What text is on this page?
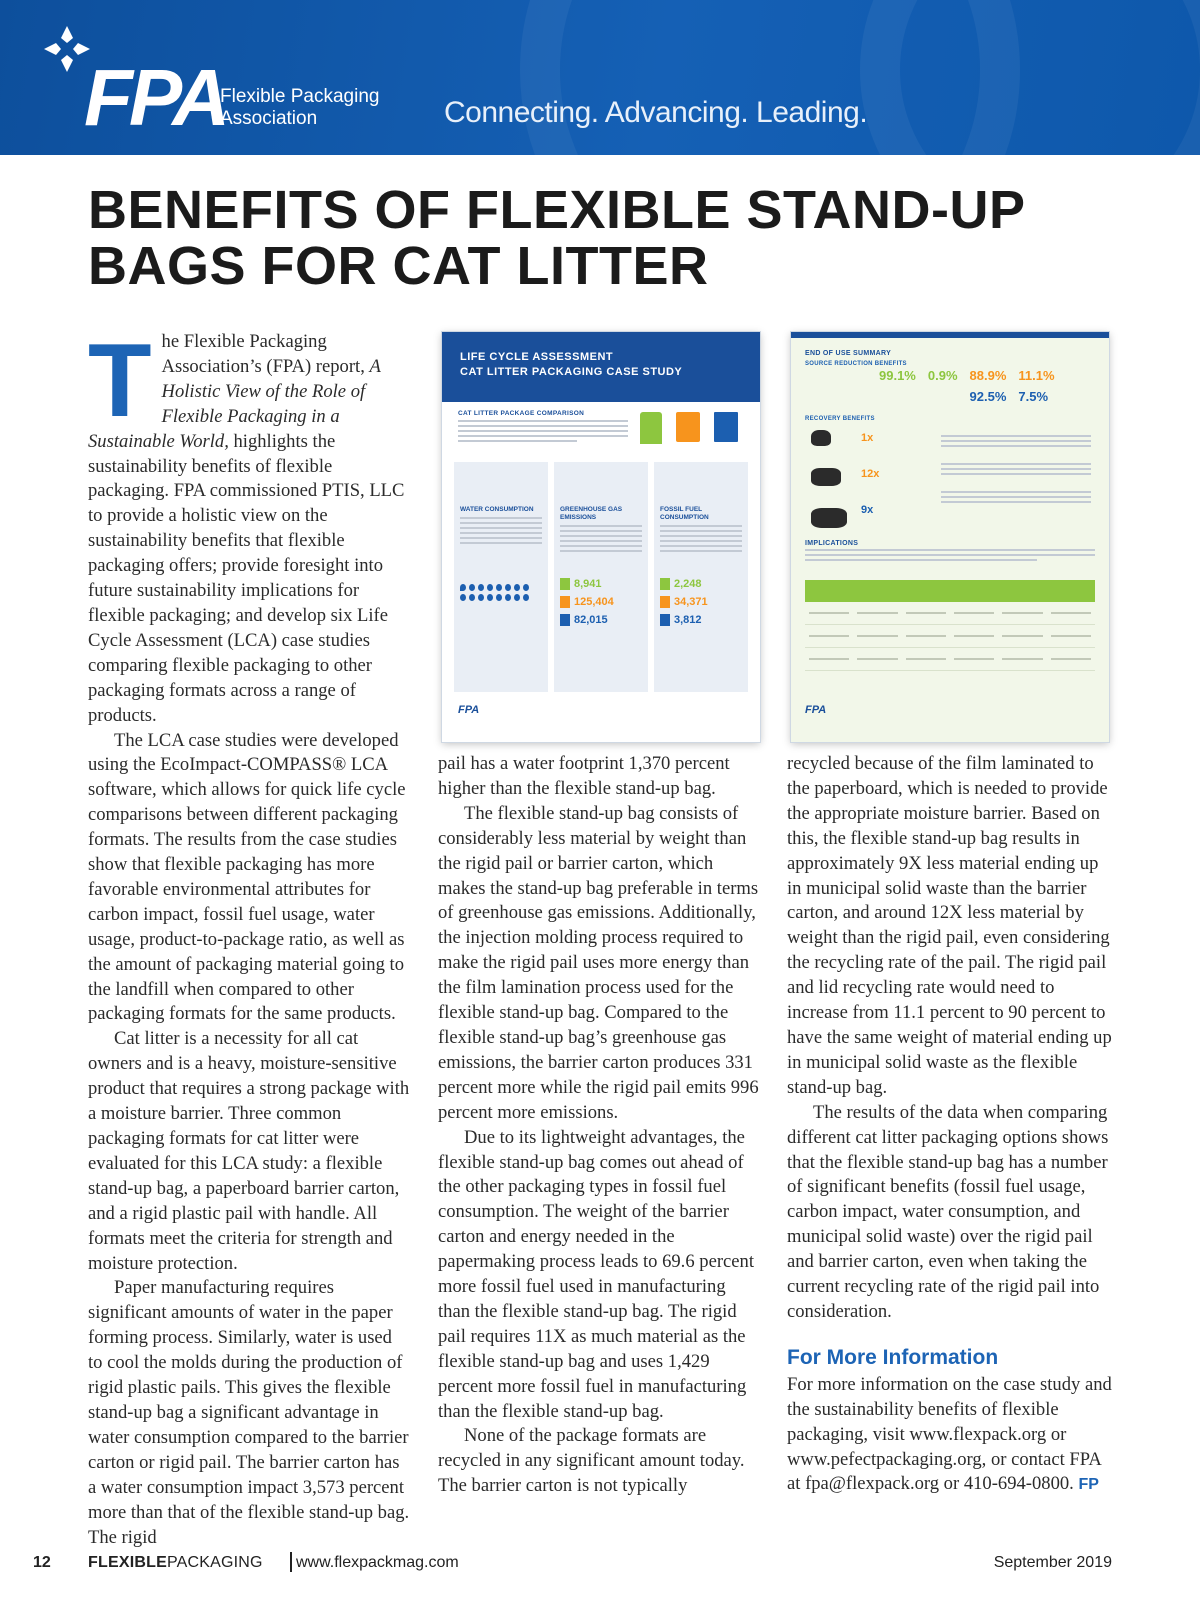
FPA
Flexible Packaging Association	Connecting. Advancing. Leading.
BENEFITS OF FLEXIBLE STAND-UP BAGS FOR CAT LITTER

The Flexible Packaging Association’s (FPA) report, A Holistic View of the Role of Flexible Packaging in a Sustainable World, highlights the sustainability benefits of flexible packaging. FPA commissioned PTIS, LLC to provide a holistic view on the sustainability benefits that flexible packaging offers; provide foresight into future sustainability implications for flexible packaging; and develop six Life Cycle Assessment (LCA) case studies comparing flexible packaging to other packaging formats across a range of products.

The LCA case studies were developed using the EcoImpact-COMPASS® LCA software, which allows for quick life cycle comparisons between different packaging formats. The results from the case studies show that flexible packaging has more favorable environmental attributes for carbon impact, fossil fuel usage, water usage, product-to-package ratio, as well as the amount of packaging material going to the landfill when compared to other packaging formats for the same products.

Cat litter is a necessity for all cat owners and is a heavy, moisture-sensitive product that requires a strong package with a moisture barrier. Three common packaging formats for cat litter were evaluated for this LCA study: a flexible stand-up bag, a paperboard barrier carton, and a rigid plastic pail with handle. All formats meet the criteria for strength and moisture protection.

Paper manufacturing requires significant amounts of water in the paper forming process. Similarly, water is used to cool the molds during the production of rigid plastic pails. This gives the flexible stand-up bag a significant advantage in water consumption compared to the barrier carton or rigid pail. The barrier carton has a water consumption impact 3,573 percent more than that of the flexible stand-up bag. The rigid

LIFE CYCLE ASSESSMENT
CAT LITTER PACKAGING CASE STUDY
CAT LITTER PACKAGE COMPARISON
WATER CONSUMPTION	GREENHOUSE GAS EMISSIONS
8,941
125,404
82,015
FOSSIL FUEL CONSUMPTION
2,248
34,371
3,812
FPA
END OF USE SUMMARY
SOURCE REDUCTION BENEFITS
99.1% 0.9% 88.9% 11.1%
92.5% 7.5%
RECOVERY BENEFITS
1x
12x
9x
IMPLICATIONS
FPA

pail has a water footprint 1,370 percent higher than the flexible stand-up bag.

The flexible stand-up bag consists of considerably less material by weight than the rigid pail or barrier carton, which makes the stand-up bag preferable in terms of greenhouse gas emissions. Additionally, the injection molding process required to make the rigid pail uses more energy than the film lamination process used for the flexible stand-up bag. Compared to the flexible stand-up bag’s greenhouse gas emissions, the barrier carton produces 331 percent more while the rigid pail emits 996 percent more emissions.

Due to its lightweight advantages, the flexible stand-up bag comes out ahead of the other packaging types in fossil fuel consumption. The weight of the barrier carton and energy needed in the papermaking process leads to 69.6 percent more fossil fuel used in manufacturing than the flexible stand-up bag. The rigid pail requires 11X as much material as the flexible stand-up bag and uses 1,429 percent more fossil fuel in manufacturing than the flexible stand-up bag.

None of the package formats are recycled in any significant amount today. The barrier carton is not typically

recycled because of the film laminated to the paperboard, which is needed to provide the appropriate moisture barrier. Based on this, the flexible stand-up bag results in approximately 9X less material ending up in municipal solid waste than the barrier carton, and around 12X less material by weight than the rigid pail, even considering the recycling rate of the pail. The rigid pail and lid recycling rate would need to increase from 11.1 percent to 90 percent to have the same weight of material ending up in municipal solid waste as the flexible stand-up bag.

The results of the data when comparing different cat litter packaging options shows that the flexible stand-up bag has a number of significant benefits (fossil fuel usage, carbon impact, water consumption, and municipal solid waste) over the rigid pail and barrier carton, even when taking the current recycling rate of the rigid pail into consideration.

For More Information

For more information on the case study and the sustainability benefits of flexible packaging, visit www.flexpack.org or www.pefectpackaging.org, or contact FPA at fpa@flexpack.org or 410-694-0800. FP

12 FLEXIBLEPACKAGING www.flexpackmag.com	September 2019
